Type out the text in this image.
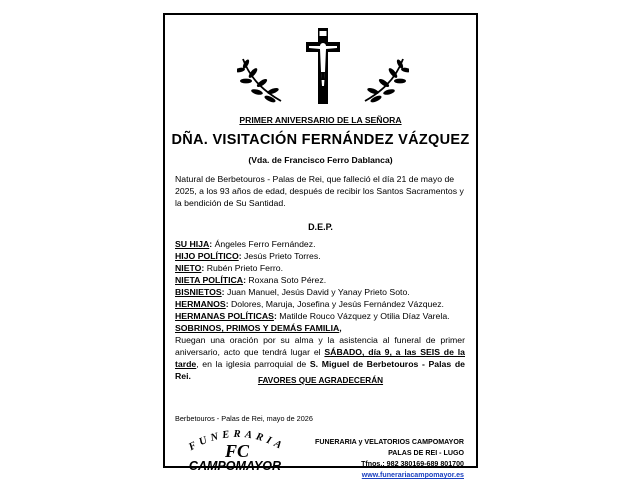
PRIMER ANIVERSARIO DE LA SEÑORA
DÑA. VISITACIÓN FERNÁNDEZ VÁZQUEZ
(Vda. de Francisco Ferro Dablanca)
Natural de Berbetouros - Palas de Rei, que falleció el día 21 de mayo de 2025, a los 93 años de edad, después de recibir los Santos Sacramentos y la bendición de Su Santidad.
D.E.P.
SU HIJA: Ángeles Ferro Fernández.
HIJO POLÍTICO: Jesús Prieto Torres.
NIETO: Rubén Prieto Ferro.
NIETA POLÍTICA: Roxana Soto Pérez.
BISNIETOS: Juan Manuel, Jesús David y Yanay Prieto Soto.
HERMANOS: Dolores, Maruja, Josefina y Jesús Fernández Vázquez.
HERMANAS POLÍTICAS: Matilde Rouco Vázquez y Otilia Díaz Varela.
SOBRINOS, PRIMOS Y DEMÁS FAMILIA,
Ruegan una oración por su alma y la asistencia al funeral de primer aniversario, acto que tendrá lugar el SÁBADO, día 9, a las SEIS de la tarde, en la iglesia parroquial de S. Miguel de Berbetouros - Palas de Rei.	FAVORES QUE AGRADECERÁN
Berbetouros - Palas de Rei, mayo de 2026
FUNERARIA
FC
CAMPOMAYOR
FUNERARIA y VELATORIOS CAMPOMAYOR
PALAS DE REI - LUGO
Tfnos.: 982 380169-689 801700
www.funerariacampomayor.es
